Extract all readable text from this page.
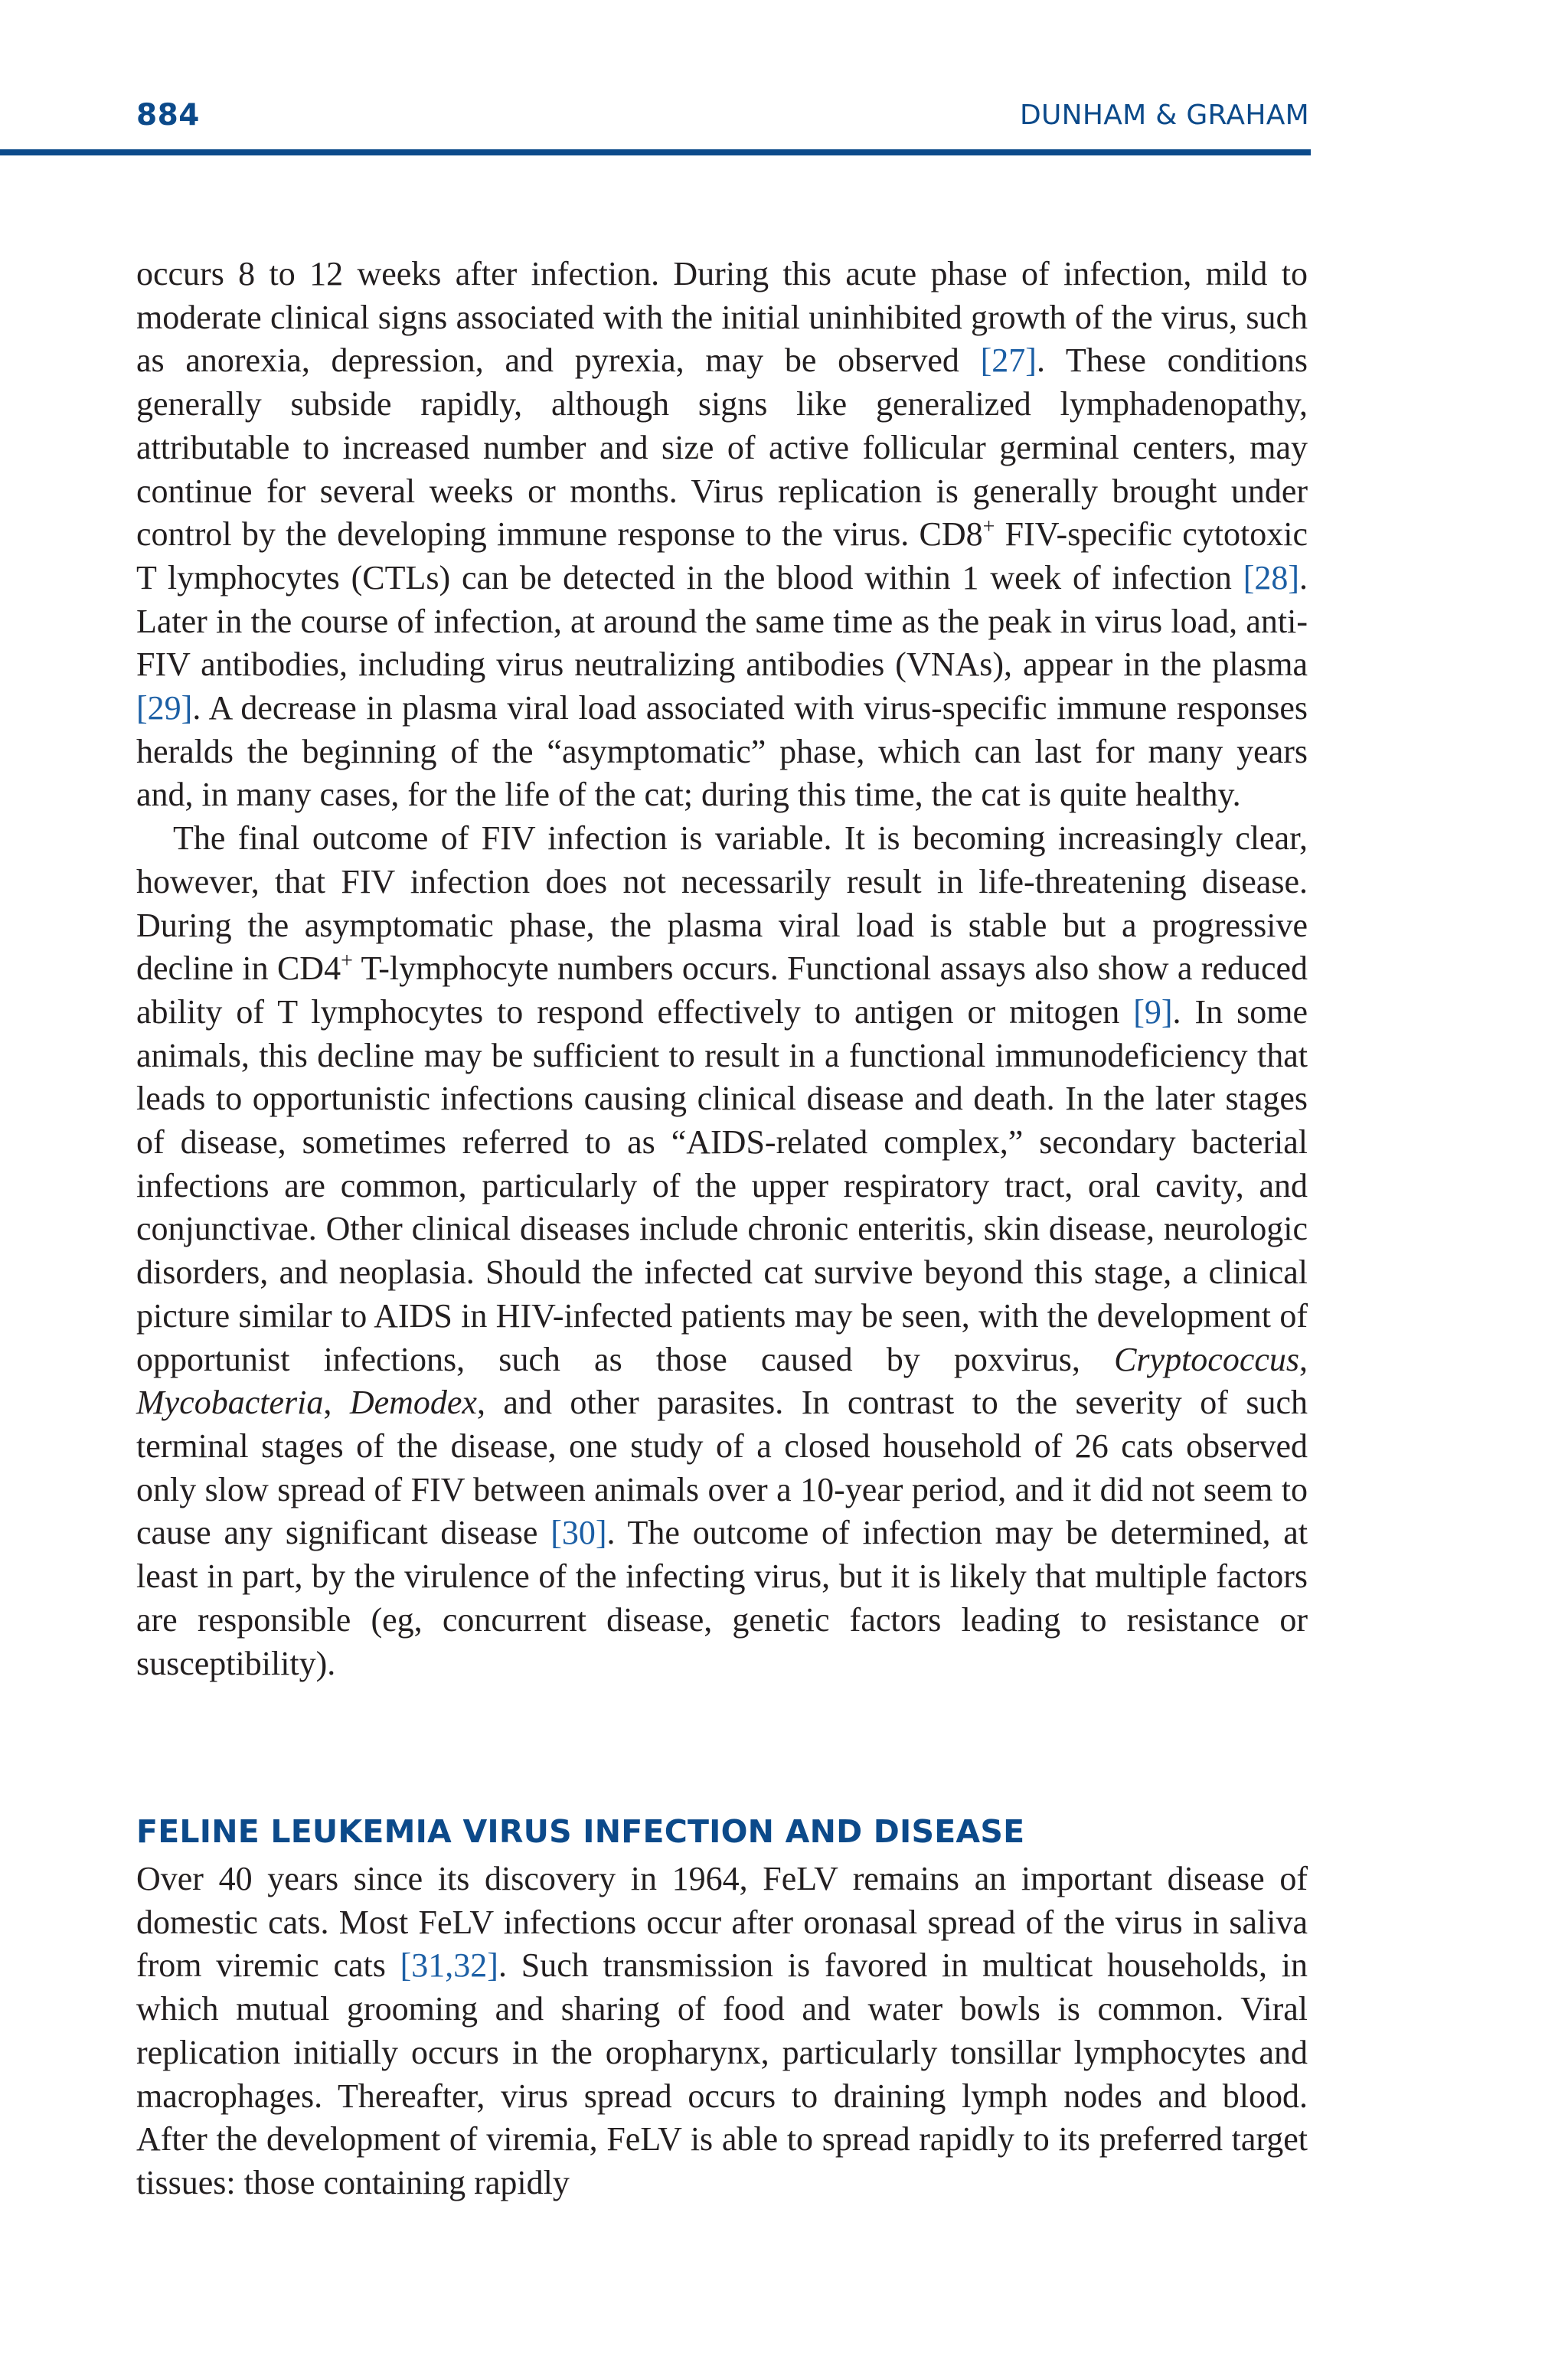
884	DUNHAM & GRAHAM

occurs 8 to 12 weeks after infection. During this acute phase of infection, mild to moderate clinical signs associated with the initial uninhibited growth of the virus, such as anorexia, depression, and pyrexia, may be observed [27]. These conditions generally subside rapidly, although signs like generalized lymphadenopathy, attributable to increased number and size of active follicular germinal centers, may continue for several weeks or months. Virus replication is generally brought under control by the developing immune response to the virus. CD8+ FIV-specific cytotoxic T lymphocytes (CTLs) can be detected in the blood within 1 week of infection [28]. Later in the course of infection, at around the same time as the peak in virus load, anti-FIV antibodies, including virus neutralizing antibodies (VNAs), appear in the plasma [29]. A decrease in plasma viral load associated with virus-specific immune responses heralds the beginning of the “asymptomatic” phase, which can last for many years and, in many cases, for the life of the cat; during this time, the cat is quite healthy.

The final outcome of FIV infection is variable. It is becoming increasingly clear, however, that FIV infection does not necessarily result in life-threatening disease. During the asymptomatic phase, the plasma viral load is stable but a progressive decline in CD4+ T-lymphocyte numbers occurs. Functional assays also show a reduced ability of T lymphocytes to respond effectively to antigen or mitogen [9]. In some animals, this decline may be sufficient to result in a functional immunodeficiency that leads to opportunistic infections causing clinical disease and death. In the later stages of disease, sometimes referred to as “AIDS-related complex,” secondary bacterial infections are common, particularly of the upper respiratory tract, oral cavity, and conjunctivae. Other clinical diseases include chronic enteritis, skin disease, neurologic disorders, and neoplasia. Should the infected cat survive beyond this stage, a clinical picture similar to AIDS in HIV-infected patients may be seen, with the development of opportunist infections, such as those caused by poxvirus, Cryptococcus, Mycobacteria, Demodex, and other parasites. In contrast to the severity of such terminal stages of the disease, one study of a closed household of 26 cats observed only slow spread of FIV between animals over a 10-year period, and it did not seem to cause any significant disease [30]. The outcome of infection may be determined, at least in part, by the virulence of the infecting virus, but it is likely that multiple factors are responsible (eg, concurrent disease, genetic factors leading to resistance or susceptibility).

FELINE LEUKEMIA VIRUS INFECTION AND DISEASE

Over 40 years since its discovery in 1964, FeLV remains an important disease of domestic cats. Most FeLV infections occur after oronasal spread of the virus in saliva from viremic cats [31,32]. Such transmission is favored in multicat households, in which mutual grooming and sharing of food and water bowls is common. Viral replication initially occurs in the oropharynx, particularly tonsillar lymphocytes and macrophages. Thereafter, virus spread occurs to draining lymph nodes and blood. After the development of viremia, FeLV is able to spread rapidly to its preferred target tissues: those containing rapidly
